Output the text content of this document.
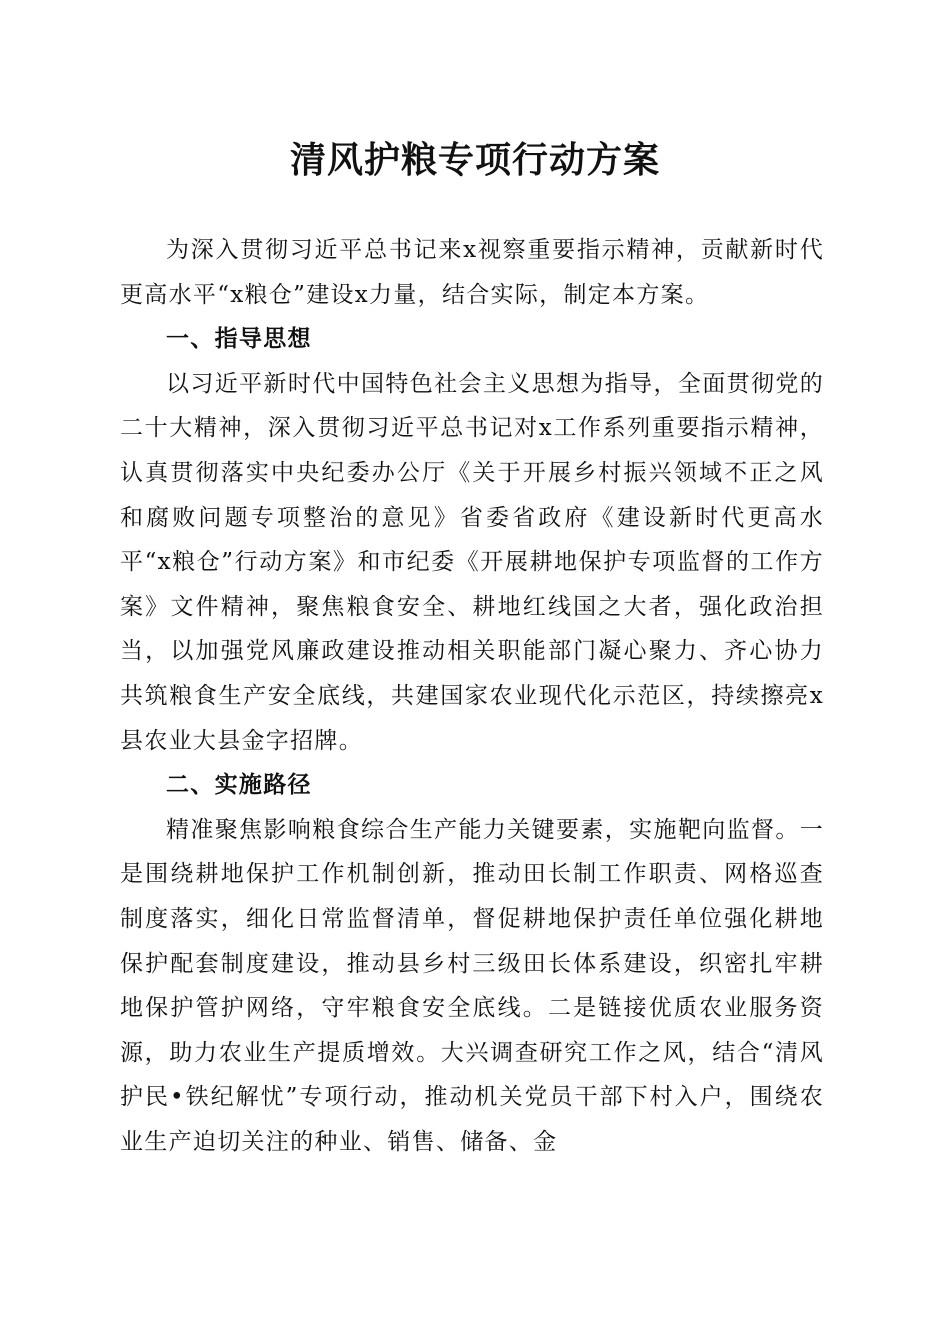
清风护粮专项行动方案

为深入贯彻习近平总书记来x视察重要指示精神，贡献新时代更高水平“x粮仓”建设x力量，结合实际，制定本方案。

一、指导思想

以习近平新时代中国特色社会主义思想为指导，全面贯彻党的二十大精神，深入贯彻习近平总书记对x工作系列重要指示精神，认真贯彻落实中央纪委办公厅《关于开展乡村振兴领域不正之风和腐败问题专项整治的意见》省委省政府《建设新时代更高水平“x粮仓”行动方案》和市纪委《开展耕地保护专项监督的工作方案》文件精神，聚焦粮食安全、耕地红线国之大者，强化政治担当，以加强党风廉政建设推动相关职能部门凝心聚力、齐心协力共筑粮食生产安全底线，共建国家农业现代化示范区，持续擦亮x县农业大县金字招牌。

二、实施路径

精准聚焦影响粮食综合生产能力关键要素，实施靶向监督。一是围绕耕地保护工作机制创新，推动田长制工作职责、网格巡查制度落实，细化日常监督清单，督促耕地保护责任单位强化耕地保护配套制度建设，推动县乡村三级田长体系建设，织密扎牢耕地保护管护网络，守牢粮食安全底线。二是链接优质农业服务资源，助力农业生产提质增效。大兴调查研究工作之风，结合“清风护民•铁纪解忧”专项行动，推动机关党员干部下村入户，围绕农业生产迫切关注的种业、销售、储备、金
